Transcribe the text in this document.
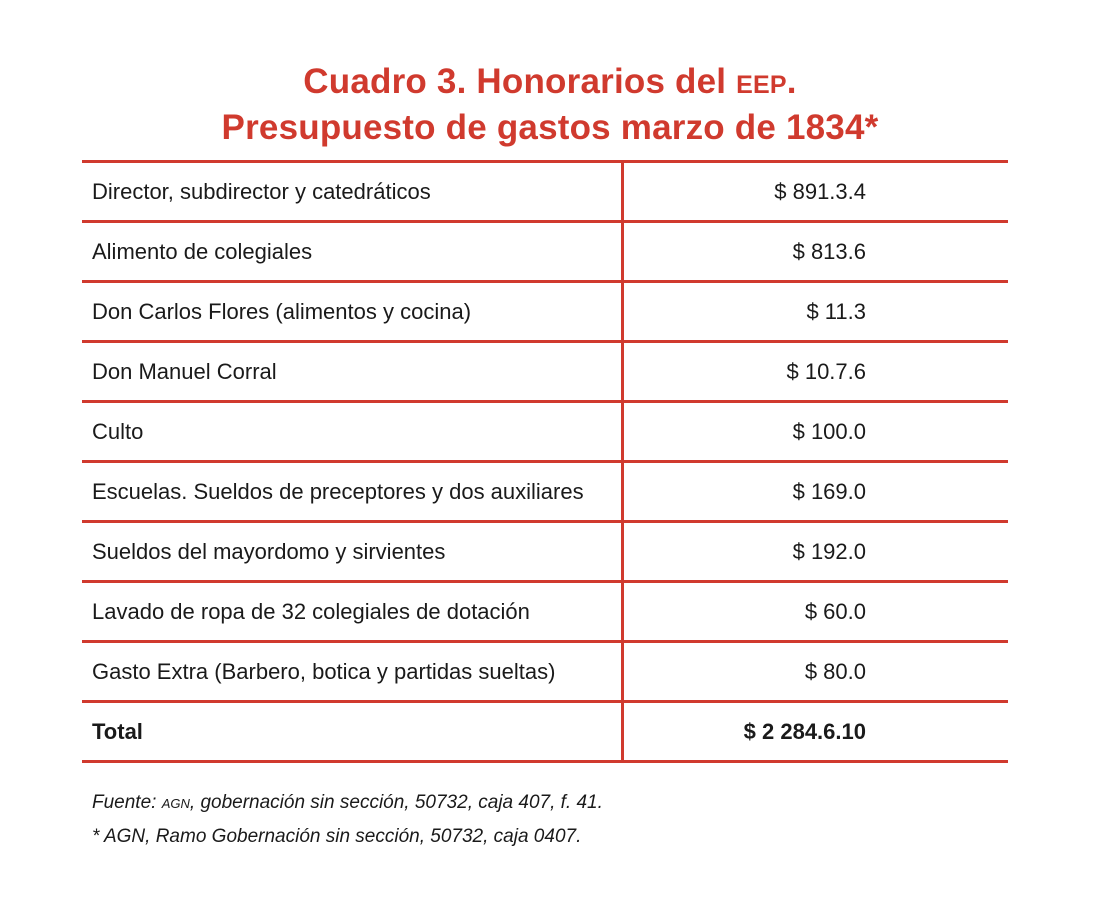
Cuadro 3. Honorarios del eep.
Presupuesto de gastos marzo de 1834*
Director, subdirector y catedráticos	$ 891.3.4
Alimento de colegiales	$ 813.6
Don Carlos Flores (alimentos y cocina)	$ 11.3
Don Manuel Corral	$ 10.7.6
Culto	$ 100.0
Escuelas. Sueldos de preceptores y dos auxiliares	$ 169.0
Sueldos del mayordomo y sirvientes	$ 192.0
Lavado de ropa de 32 colegiales de dotación	$ 60.0
Gasto Extra (Barbero, botica y partidas sueltas)	$ 80.0
Total	$ 2 284.6.10
Fuente: agn, gobernación sin sección, 50732, caja 407, f. 41.
* AGN, Ramo Gobernación sin sección, 50732, caja 0407.
